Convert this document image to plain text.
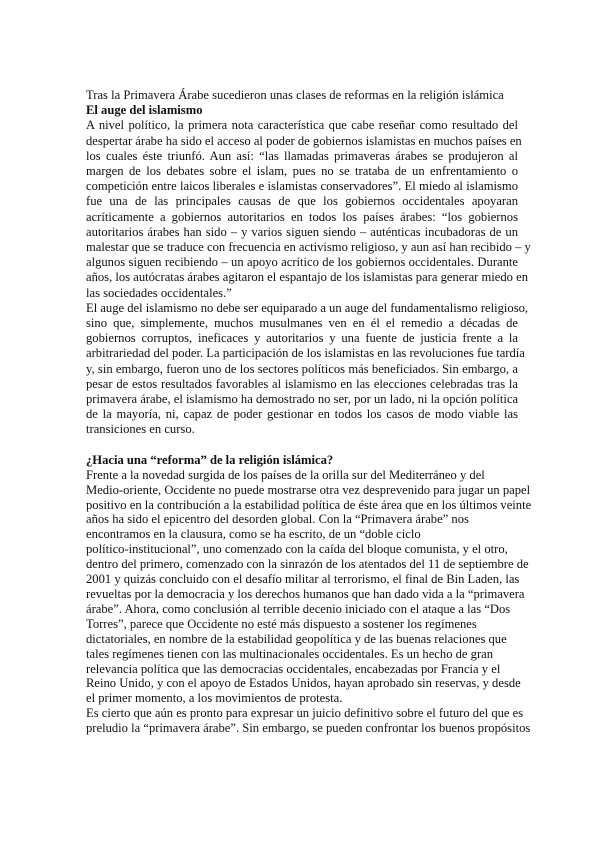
Tras la Primavera Árabe sucedieron unas clases de reformas en la religión islámica
El auge del islamismo
A nivel político, la primera nota característica que cabe reseñar como resultado del
despertar árabe ha sido el acceso al poder de gobiernos islamistas en muchos países en
los cuales éste triunfó. Aun así: “las llamadas primaveras árabes se produjeron al
margen de los debates sobre el islam, pues no se trataba de un enfrentamiento o
competición entre laicos liberales e islamistas conservadores”. El miedo al islamismo
fue una de las principales causas de que los gobiernos occidentales apoyaran
acríticamente a gobiernos autoritarios en todos los países árabes: “los gobiernos
autoritarios árabes han sido – y varios siguen siendo – auténticas incubadoras de un
malestar que se traduce con frecuencia en activismo religioso, y aun así han recibido – y
algunos siguen recibiendo – un apoyo acrítico de los gobiernos occidentales. Durante
años, los autócratas árabes agitaron el espantajo de los islamistas para generar miedo en
las sociedades occidentales.”
El auge del islamismo no debe ser equiparado a un auge del fundamentalismo religioso,
sino que, simplemente, muchos musulmanes ven en él el remedio a décadas de
gobiernos corruptos, ineficaces y autoritarios y una fuente de justicia frente a la
arbitrariedad del poder. La participación de los islamistas en las revoluciones fue tardía
y, sin embargo, fueron uno de los sectores políticos más beneficiados. Sin embargo, a
pesar de estos resultados favorables al islamismo en las elecciones celebradas tras la
primavera árabe, el islamismo ha demostrado no ser, por un lado, ni la opción política
de la mayoría, ni, capaz de poder gestionar en todos los casos de modo viable las
transiciones en curso.
¿Hacia una “reforma” de la religión islámica?
Frente a la novedad surgida de los países de la orilla sur del Mediterráneo y del
Medio-oriente, Occidente no puede mostrarse otra vez desprevenido para jugar un papel
positivo en la contribución a la estabilidad política de éste área que en los últimos veinte
años ha sido el epicentro del desorden global. Con la “Primavera árabe” nos
encontramos en la clausura, como se ha escrito, de un “doble ciclo
político-institucional”, uno comenzado con la caída del bloque comunista, y el otro,
dentro del primero, comenzado con la sinrazón de los atentados del 11 de septiembre de
2001 y quizás concluido con el desafío militar al terrorismo, el final de Bin Laden, las
revueltas por la democracia y los derechos humanos que han dado vida a la “primavera
árabe”. Ahora, como conclusión al terrible decenio iniciado con el ataque a las “Dos
Torres”, parece que Occidente no esté más dispuesto a sostener los regímenes
dictatoriales, en nombre de la estabilidad geopolítica y de las buenas relaciones que
tales regímenes tienen con las multinacionales occidentales. Es un hecho de gran
relevancia política que las democracias occidentales, encabezadas por Francia y el
Reino Unido, y con el apoyo de Estados Unidos, hayan aprobado sin reservas, y desde
el primer momento, a los movimientos de protesta.
Es cierto que aún es pronto para expresar un juicio definitivo sobre el futuro del que es
preludio la “primavera árabe”. Sin embargo, se pueden confrontar los buenos propósitos
